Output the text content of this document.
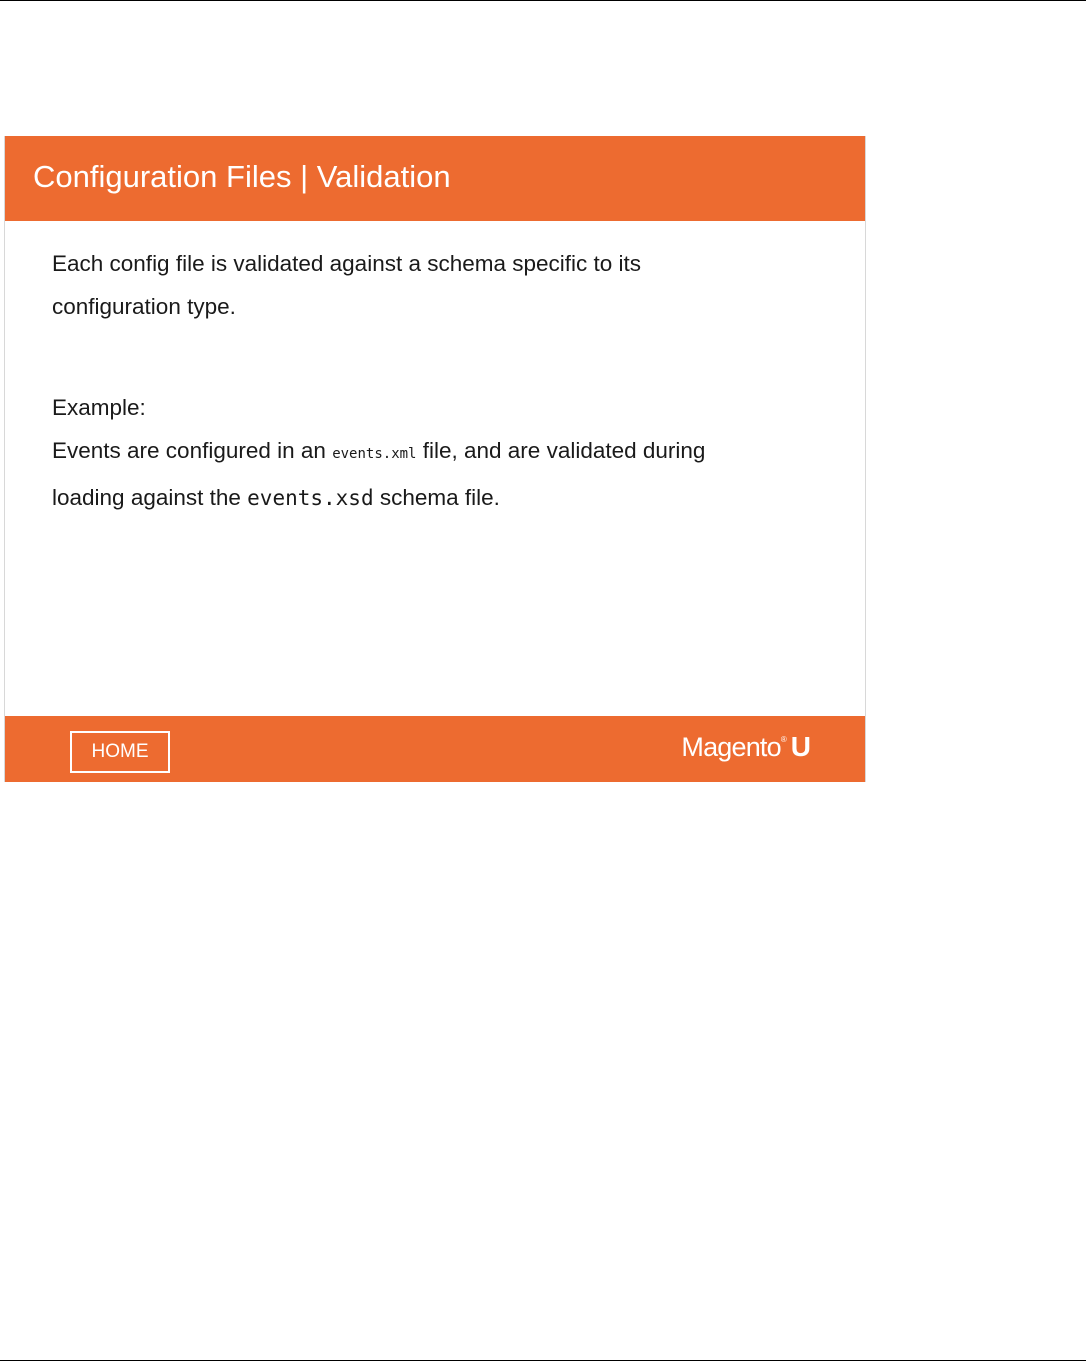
Configuration Files | Validation

Each config file is validated against a schema specific to its

configuration type.

Example:

Events are configured in an events.xml file, and are validated during

loading against the events.xsd schema file.

HOME	Magento® U
